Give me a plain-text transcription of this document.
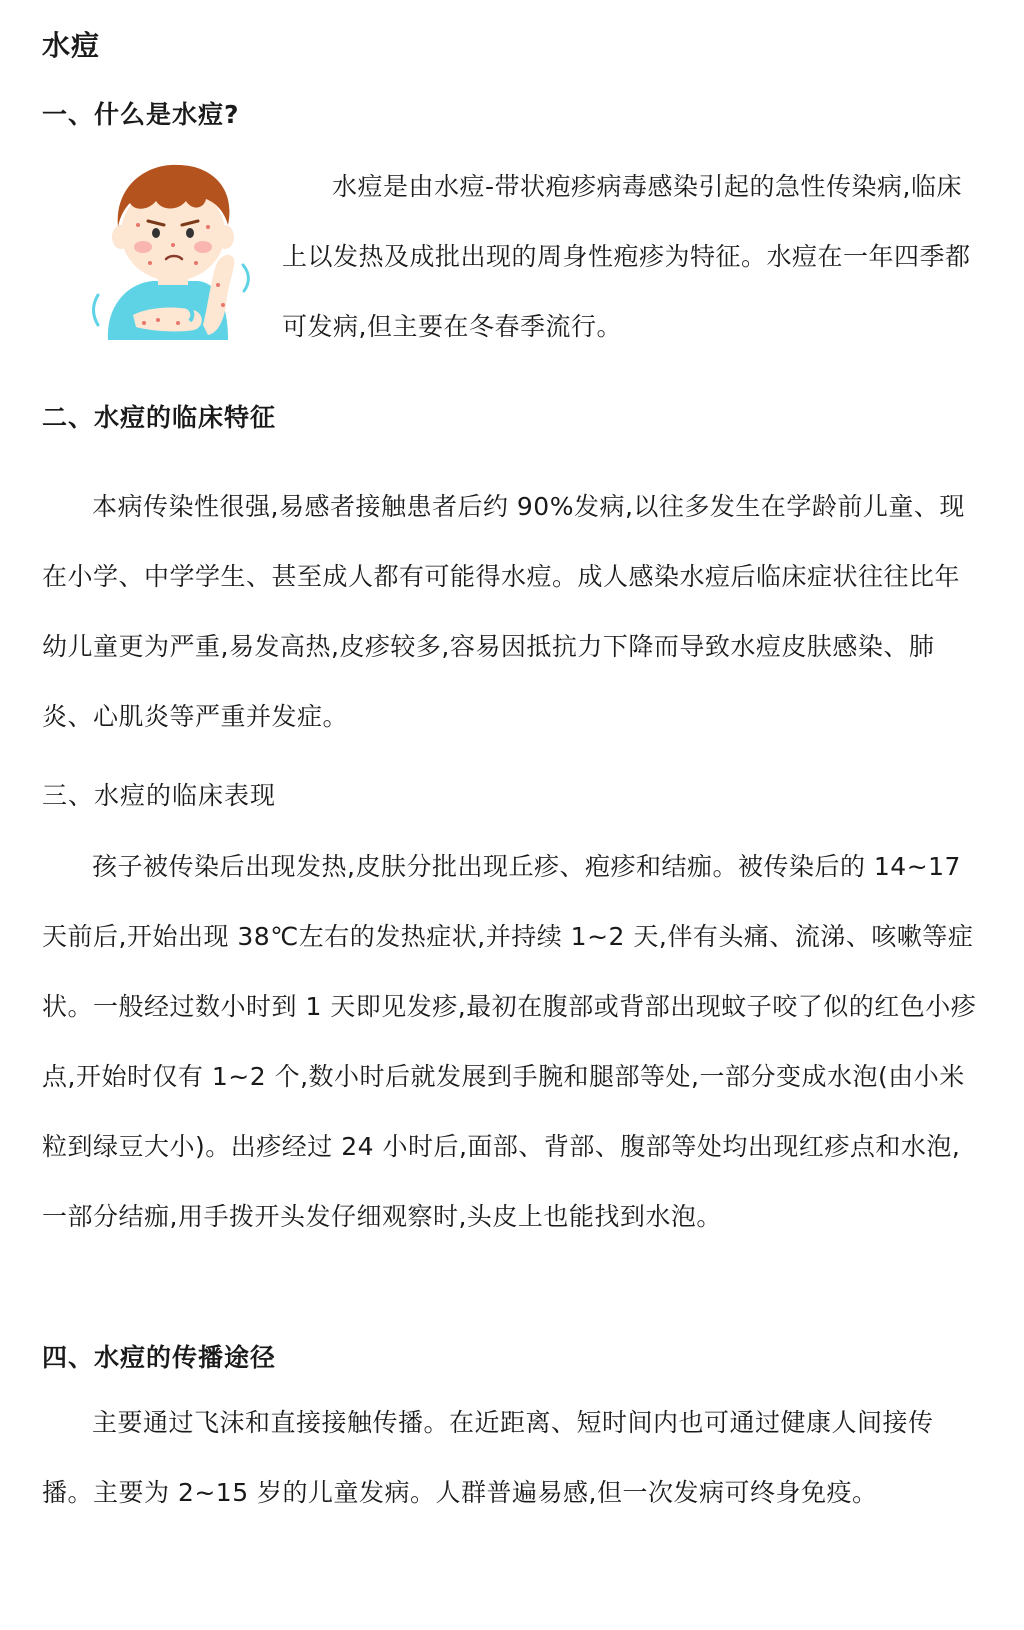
水痘
一、什么是水痘?

水痘是由水痘-带状疱疹病毒感染引起的急性传染病,临床上以发热及成批出现的周身性疱疹为特征。水痘在一年四季都可发病,但主要在冬春季流行。

二、水痘的临床特征

本病传染性很强,易感者接触患者后约 90%发病,以往多发生在学龄前儿童、现在小学、中学学生、甚至成人都有可能得水痘。成人感染水痘后临床症状往往比年幼儿童更为严重,易发高热,皮疹较多,容易因抵抗力下降而导致水痘皮肤感染、肺炎、心肌炎等严重并发症。

三、水痘的临床表现

孩子被传染后出现发热,皮肤分批出现丘疹、疱疹和结痂。被传染后的 14~17 天前后,开始出现 38℃左右的发热症状,并持续 1~2 天,伴有头痛、流涕、咳嗽等症状。一般经过数小时到 1 天即见发疹,最初在腹部或背部出现蚊子咬了似的红色小疹点,开始时仅有 1~2 个,数小时后就发展到手腕和腿部等处,一部分变成水泡(由小米粒到绿豆大小)。出疹经过 24 小时后,面部、背部、腹部等处均出现红疹点和水泡,一部分结痂,用手拨开头发仔细观察时,头皮上也能找到水泡。

四、水痘的传播途径

主要通过飞沫和直接接触传播。在近距离、短时间内也可通过健康人间接传播。主要为 2~15 岁的儿童发病。人群普遍易感,但一次发病可终身免疫。
